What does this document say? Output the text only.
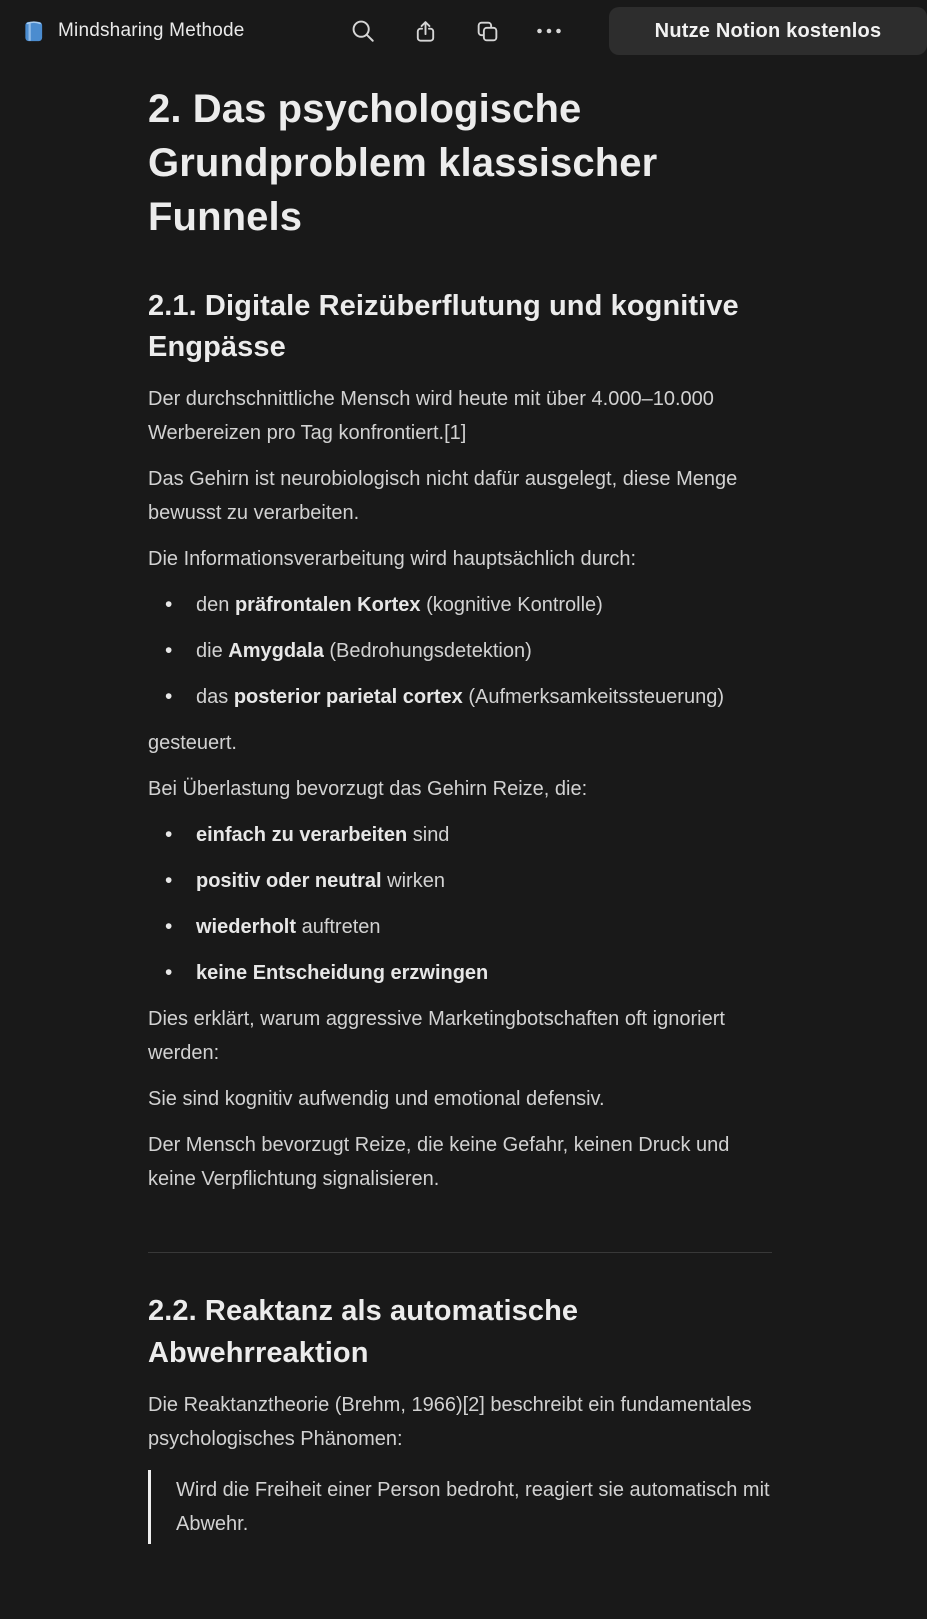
Mindsharing Methode	Nutze Notion kostenlos
2. Das psychologische Grundproblem klassischer Funnels
2.1. Digitale Reizüberflutung und kognitive Engpässe

Der durchschnittliche Mensch wird heute mit über 4.000–10.000 Werbereizen pro Tag konfrontiert.[1]

Das Gehirn ist neurobiologisch nicht dafür ausgelegt, diese Menge bewusst zu verarbeiten.

Die Informationsverarbeitung wird hauptsächlich durch:

• den präfrontalen Kortex (kognitive Kontrolle)
• die Amygdala (Bedrohungsdetektion)
• das posterior parietal cortex (Aufmerksamkeitssteuerung)

gesteuert.

Bei Überlastung bevorzugt das Gehirn Reize, die:

• einfach zu verarbeiten sind
• positiv oder neutral wirken
• wiederholt auftreten
• keine Entscheidung erzwingen

Dies erklärt, warum aggressive Marketingbotschaften oft ignoriert werden:

Sie sind kognitiv aufwendig und emotional defensiv.

Der Mensch bevorzugt Reize, die keine Gefahr, keinen Druck und keine Verpflichtung signalisieren.

2.2. Reaktanz als automatische Abwehrreaktion

Die Reaktanztheorie (Brehm, 1966)[2] beschreibt ein fundamentales psychologisches Phänomen:

Wird die Freiheit einer Person bedroht, reagiert sie automatisch mit Abwehr.
